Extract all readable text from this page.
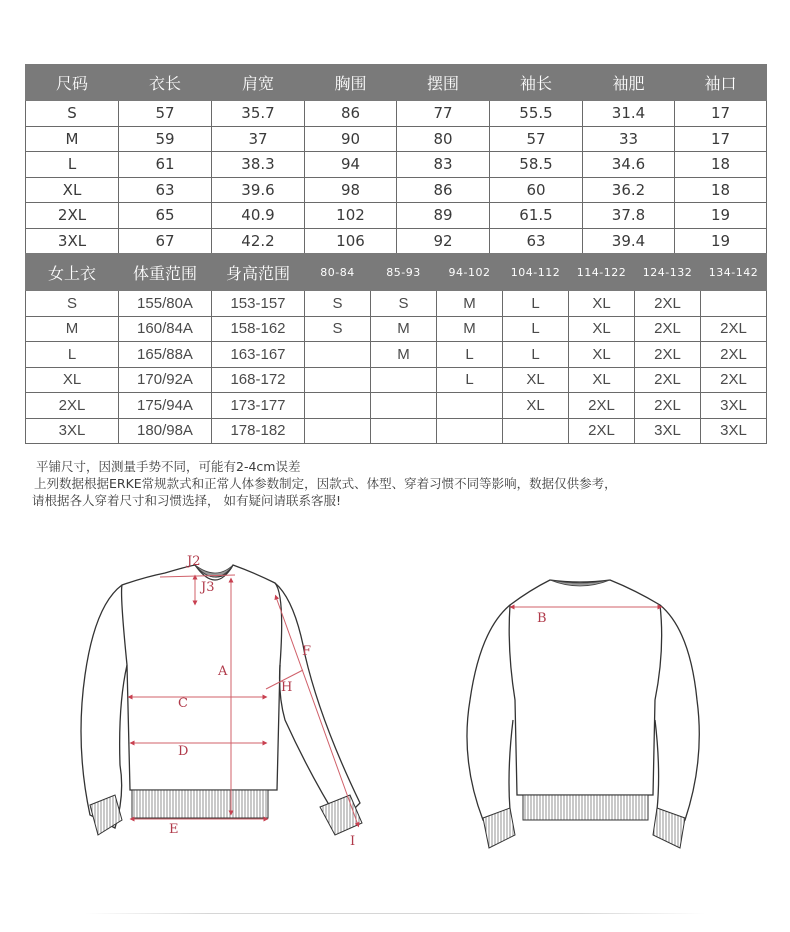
尺码	衣长	肩宽	胸围	摆围	袖长	袖肥	袖口
S	57	35.7	86	77	55.5	31.4	17
M	59	37	90	80	57	33	17
L	61	38.3	94	83	58.5	34.6	18
XL	63	39.6	98	86	60	36.2	18
2XL	65	40.9	102	89	61.5	37.8	19
3XL	67	42.2	106	92	63	39.4	19
女上衣	体重范围	身高范围	80-84	85-93	94-102	104-112	114-122	124-132	134-142
S	155/80A	153-157	S	S	M	L	XL	2XL	
M	160/84A	158-162	S	M	M	L	XL	2XL	2XL
L	165/88A	163-167		M	L	L	XL	2XL	2XL
XL	170/92A	168-172			L	XL	XL	2XL	2XL
2XL	175/94A	173-177				XL	2XL	2XL	3XL
3XL	180/98A	178-182					2XL	3XL	3XL

平铺尺寸，因测量手势不同，可能有2-4cm误差

上列数据根据ERKE常规款式和正常人体参数制定，因款式、体型、穿着习惯不同等影响，数据仅供参考，

请根据各人穿着尺寸和习惯选择， 如有疑问请联系客服!

J2
J3
A
C
D
E
F
H
I
B
